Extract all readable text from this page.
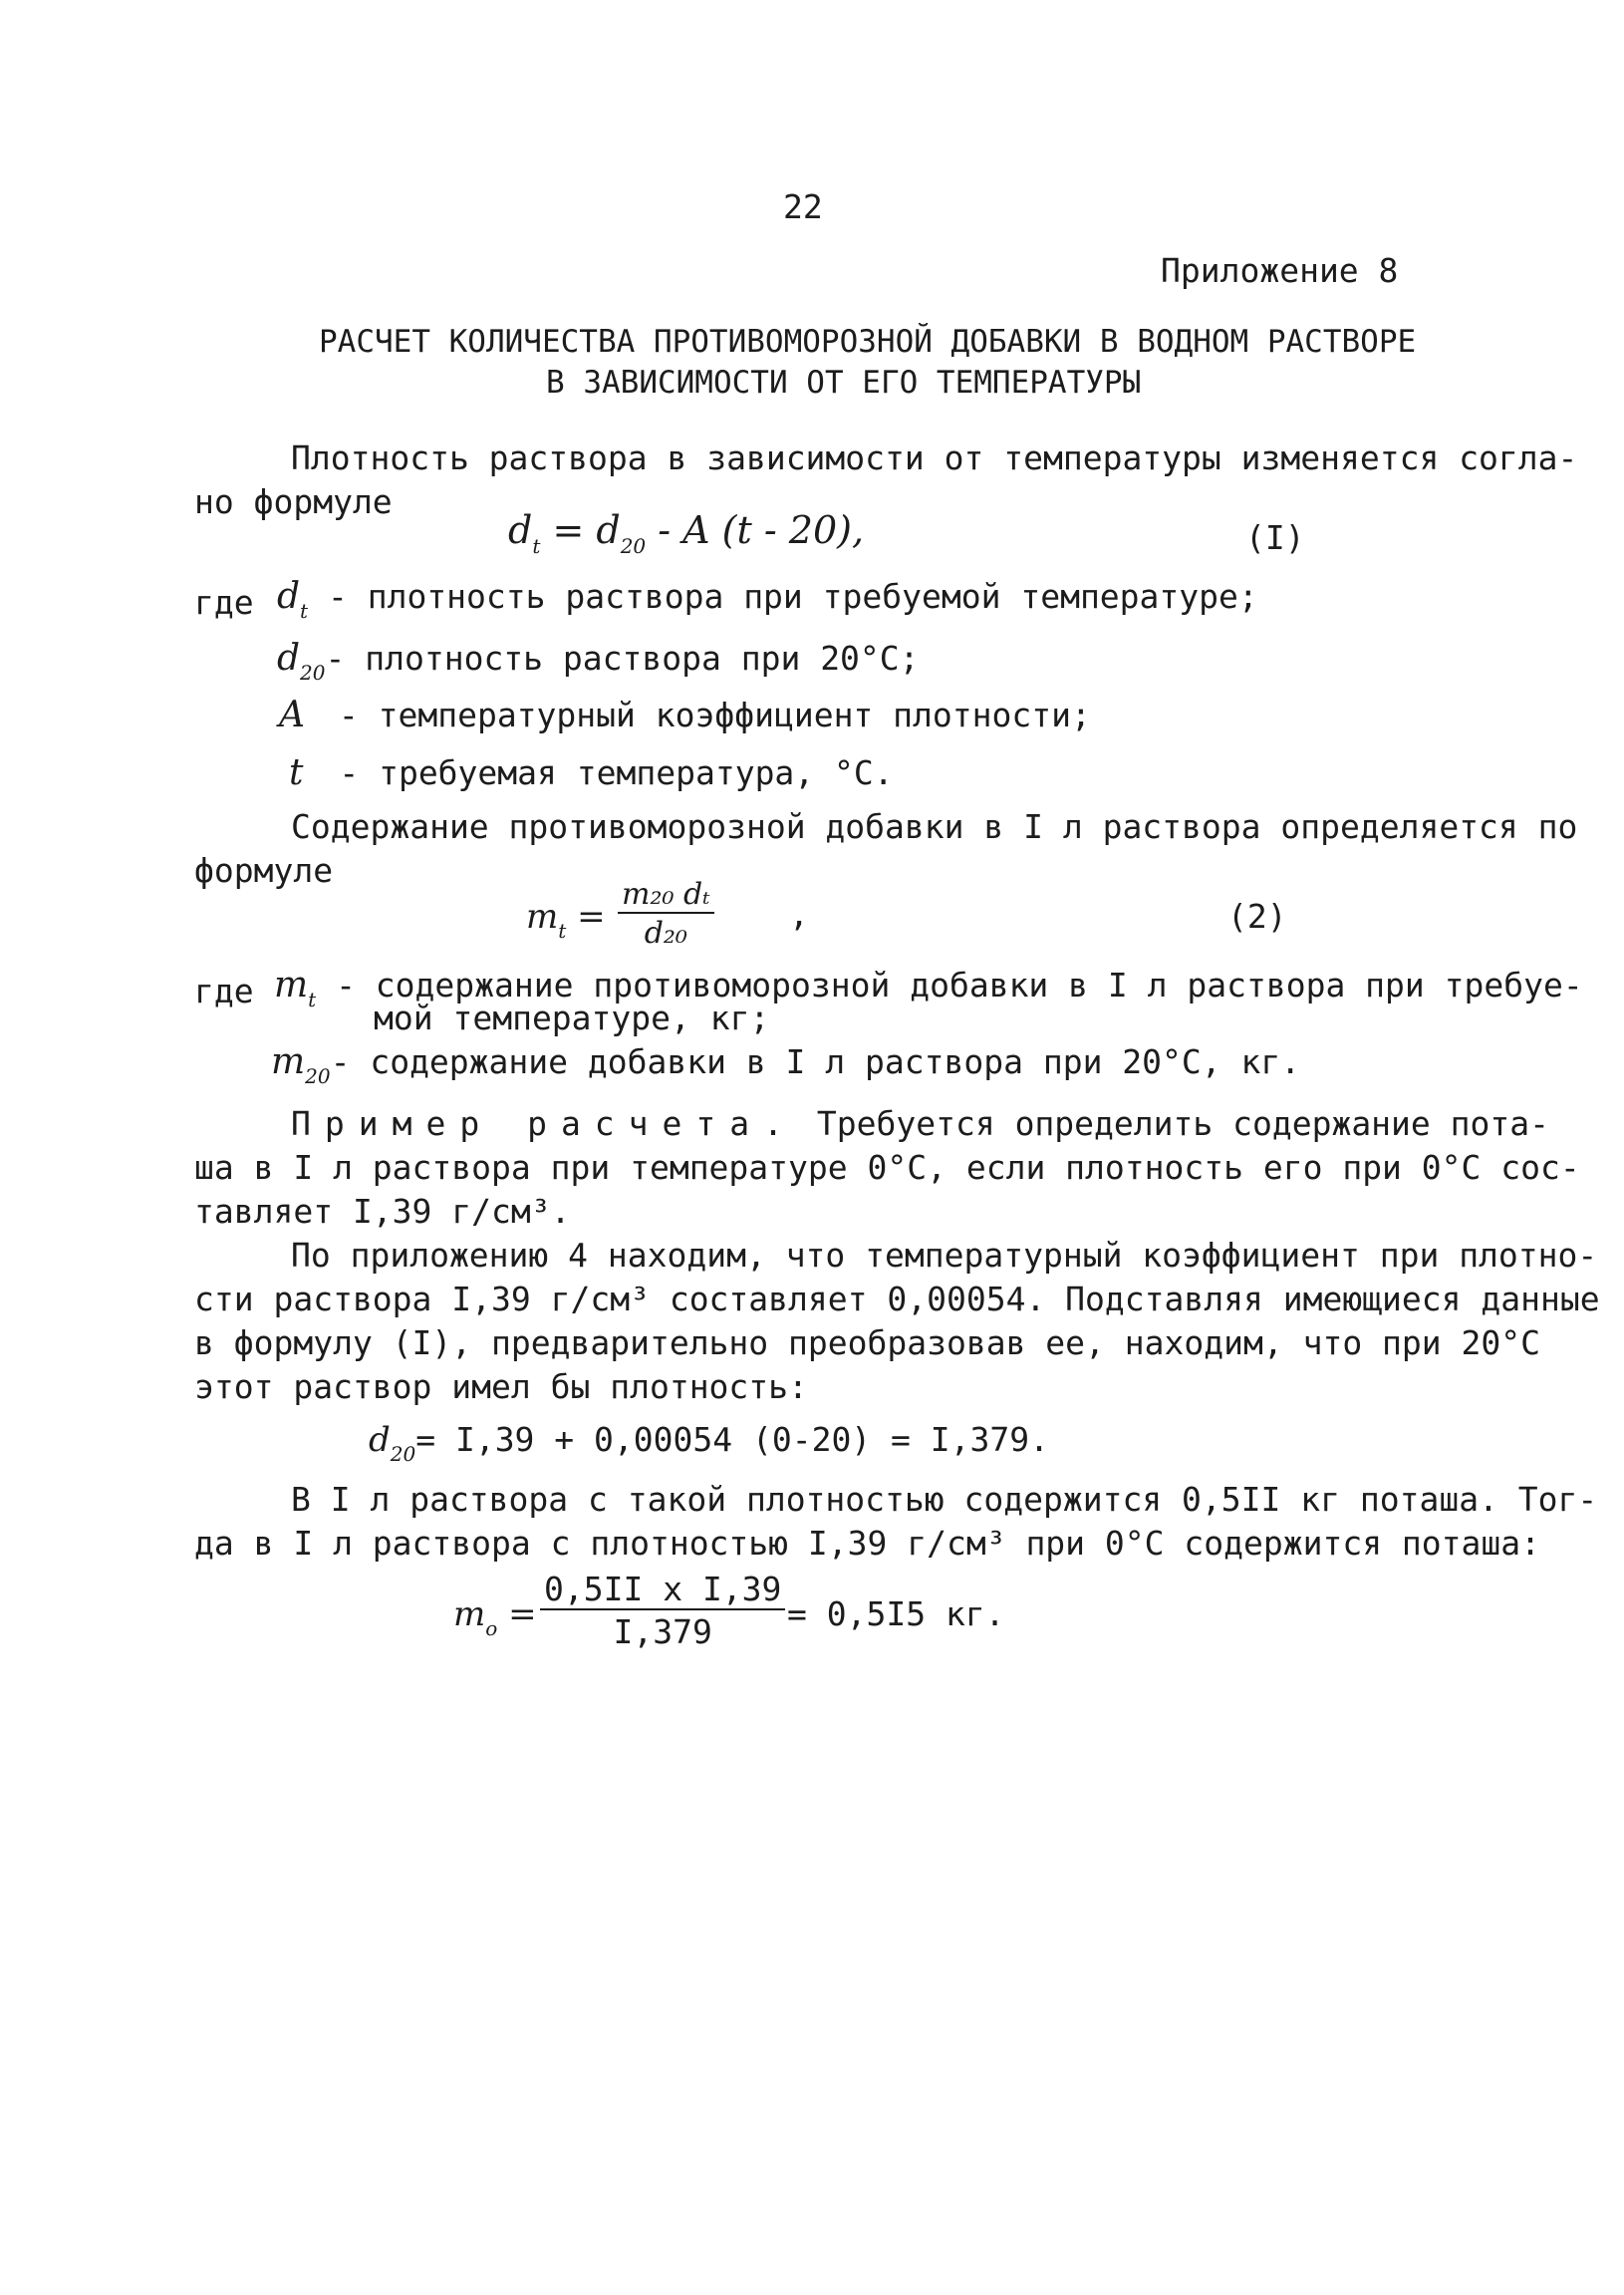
22
Приложение 8
РАСЧЕТ КОЛИЧЕСТВА ПРОТИВОМОРОЗНОЙ ДОБАВКИ В ВОДНОМ РАСТВОРЕ
В ЗАВИСИМОСТИ ОТ ЕГО ТЕМПЕРАТУРЫ
Плотность раствора в зависимости от температуры изменяется согла-
но формуле
$d_t = d_{20} - A$ (t - 20),	(I)
где $d_t$ - плотность раствора при требуемой температуре;
$d_{20}-$ плотность раствора при 20°С;
A - температурный коэффициент плотности;
t - требуемая температура, °С.
Содержание противоморозной добавки в I л раствора определяется по
формуле
$m_t = \frac{\text{m₂₀ dₜ}}{\text{d₂₀}}$ ,	(2)
где $m_t$ - содержание противоморозной добавки в I л раствора при требуе-
мой температуре, кг;
$m_{20}-$ содержание добавки в I л раствора при 20°С, кг.
Пример расчета. Требуется определить содержание пота-
ша в I л раствора при температуре 0°С, если плотность его при 0°С сос-
тавляет I,39 г/см³.
По приложению 4 находим, что температурный коэффициент при плотно-
сти раствора I,39 г/см³ составляет 0,00054. Подставляя имеющиеся данные
в формулу (I), предварительно преобразовав ее, находим, что при 20°С
этот раствор имел бы плотность:
$d_{20}= I,39 + 0,00054$ (0-20) = I,379.
В I л раствора с такой плотностью содержится 0,5II кг поташа. Тог-
да в I л раствора с плотностью I,39 г/см³ при 0°С содержится поташа:
$m_o = \frac{\text{0,5II x I,39}}{I,379} = 0,5I5$ кг.
